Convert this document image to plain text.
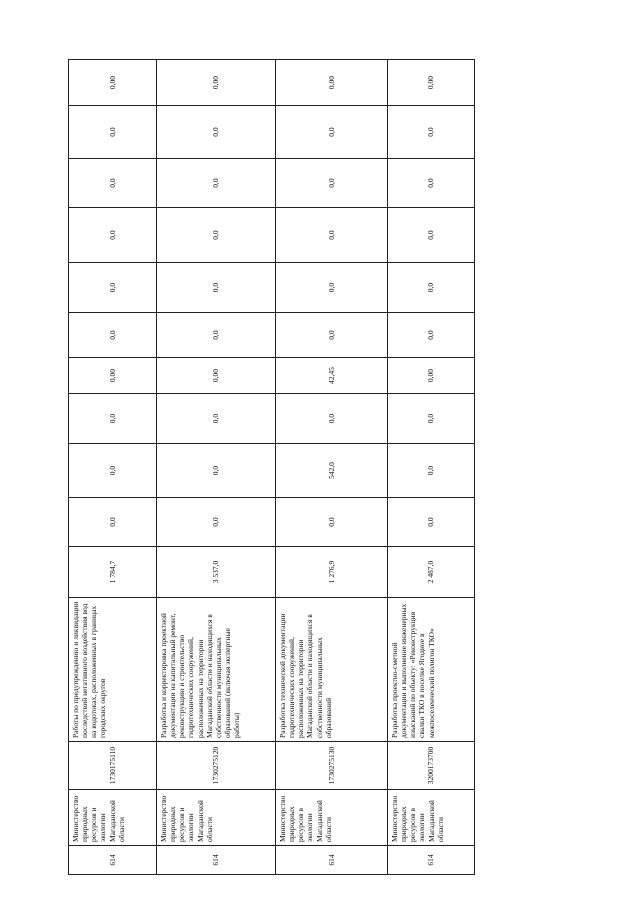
614	Министерство природных ресурсов и экологии Магаданской области	1730175110	Работы по предупреждению и ликвидации последствий негативного воздействия вод на водотоках, расположенных в границах городских округов	1 784,7	0,0	0,0	0,0	0,00	0,0	0,0	0,0	0,0	0,0	0,00
614	Министерство природных ресурсов и экологии Магаданской области	1730275120	Разработка и корректировка проектной документации на капитальный ремонт, реконструкцию и строительство гидротехнических сооружений, расположенных на территории Магаданской области и находящихся в собственности муниципальных образований (включая экспертные работы)	3 537,0	0,0	0,0	0,0	0,00	0,0	0,0	0,0	0,0	0,0	0,00
614	Министерство природных ресурсов в экологии Магаданской области	1730275130	Разработка технической документации гидротехнических сооружений, расположенных на территории Магаданской области и находящихся в собственности муниципальных образований	1 276,9	0,0	542,0	0,0	42,45	0,0	0,0	0,0	0,0	0,0	0,00
614	Министерство природных ресурсов в экологии Магаданской области	3200173700	Разработка проектно-сметной документации и выполнение инженерных изысканий по объекту: «Реконструкция свалки ТКО в поселке Ягодное в межпоселенческий полигон ТКО»	2 487,0	0,0	0,0	0,0	0,00	0,0	0,0	0,0	0,0	0,0	0,00
